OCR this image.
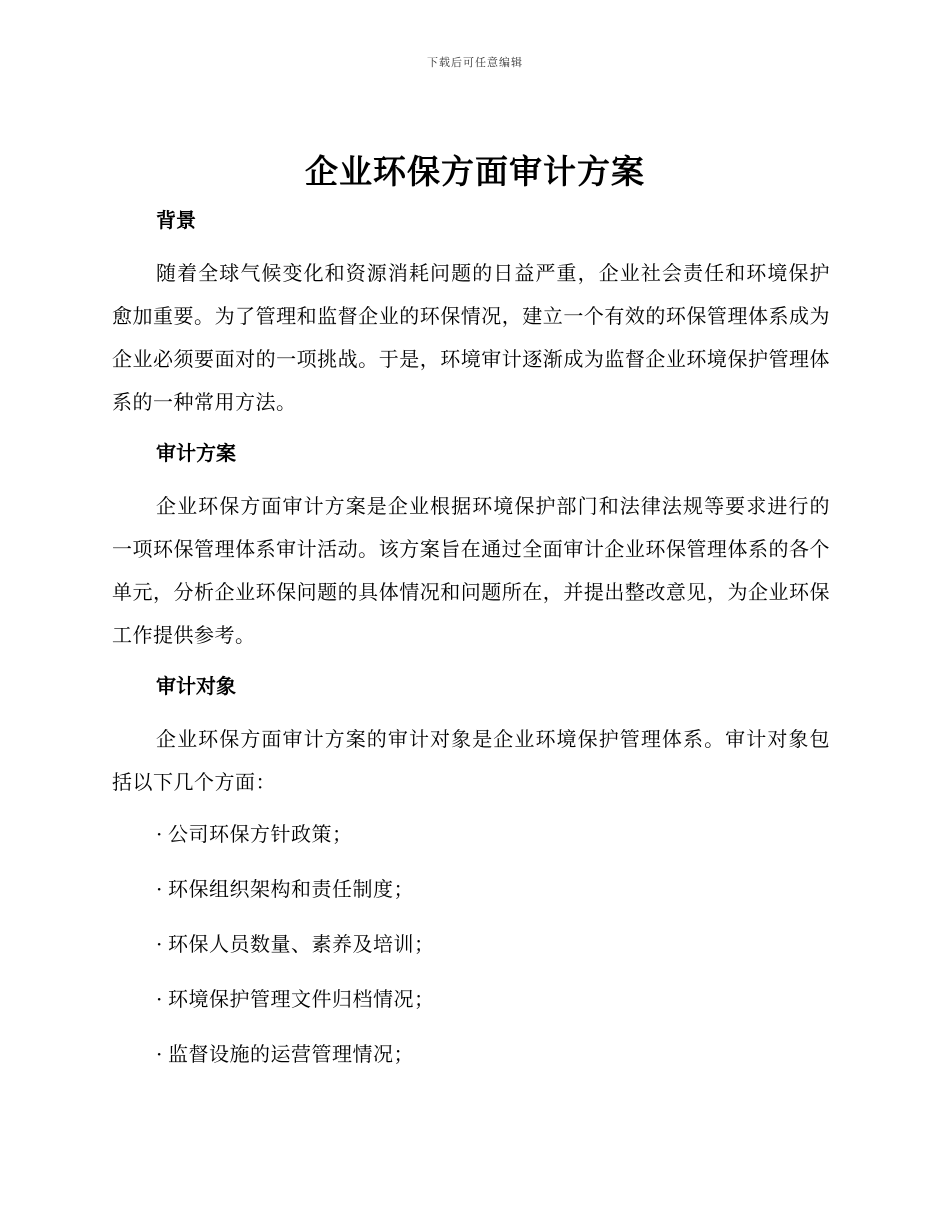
下载后可任意编辑
企业环保方面审计方案
背景

随着全球气候变化和资源消耗问题的日益严重，企业社会责任和环境保护愈加重要。为了管理和监督企业的环保情况，建立一个有效的环保管理体系成为企业必须要面对的一项挑战。于是，环境审计逐渐成为监督企业环境保护管理体系的一种常用方法。

审计方案

企业环保方面审计方案是企业根据环境保护部门和法律法规等要求进行的一项环保管理体系审计活动。该方案旨在通过全面审计企业环保管理体系的各个单元，分析企业环保问题的具体情况和问题所在，并提出整改意见，为企业环保工作提供参考。

审计对象

企业环保方面审计方案的审计对象是企业环境保护管理体系。审计对象包括以下几个方面：

· 公司环保方针政策；
· 环保组织架构和责任制度；
· 环保人员数量、素养及培训；
· 环境保护管理文件归档情况；
· 监督设施的运营管理情况；
